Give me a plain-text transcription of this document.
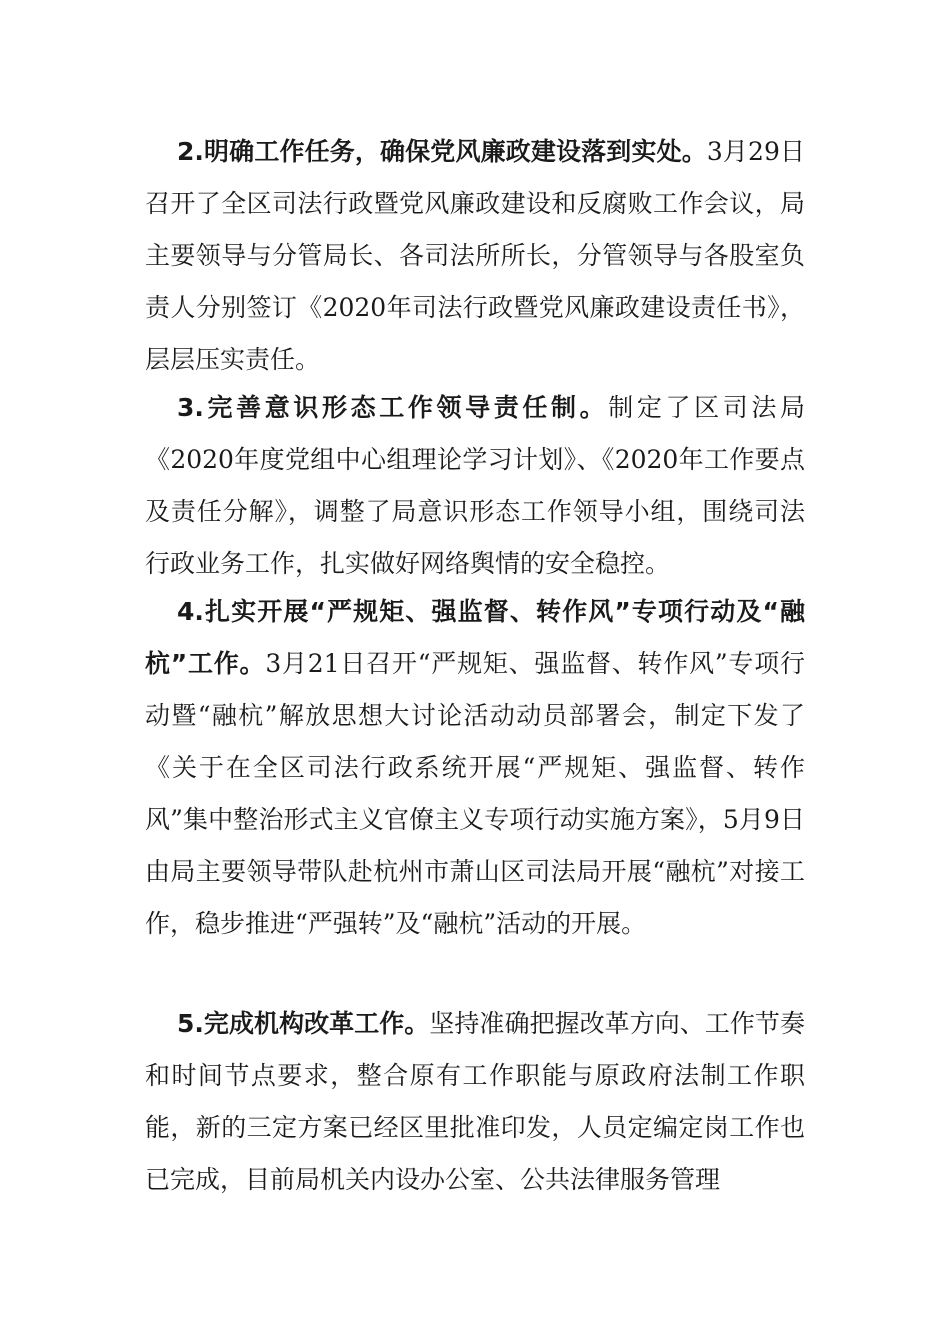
2.明确工作任务，确保党风廉政建设落到实处。3月29日召开了全区司法行政暨党风廉政建设和反腐败工作会议，局主要领导与分管局长、各司法所所长，分管领导与各股室负责人分别签订《2020年司法行政暨党风廉政建设责任书》，层层压实责任。

3.完善意识形态工作领导责任制。制定了区司法局《2020年度党组中心组理论学习计划》、《2020年工作要点及责任分解》，调整了局意识形态工作领导小组，围绕司法行政业务工作，扎实做好网络舆情的安全稳控。

4.扎实开展“严规矩、强监督、转作风”专项行动及“融杭”工作。3月21日召开“严规矩、强监督、转作风”专项行动暨“融杭”解放思想大讨论活动动员部署会，制定下发了《关于在全区司法行政系统开展“严规矩、强监督、转作风”集中整治形式主义官僚主义专项行动实施方案》，5月9日由局主要领导带队赴杭州市萧山区司法局开展“融杭”对接工作，稳步推进“严强转”及“融杭”活动的开展。

5.完成机构改革工作。坚持准确把握改革方向、工作节奏和时间节点要求，整合原有工作职能与原政府法制工作职能，新的三定方案已经区里批准印发，人员定编定岗工作也已完成，目前局机关内设办公室、公共法律服务管理
